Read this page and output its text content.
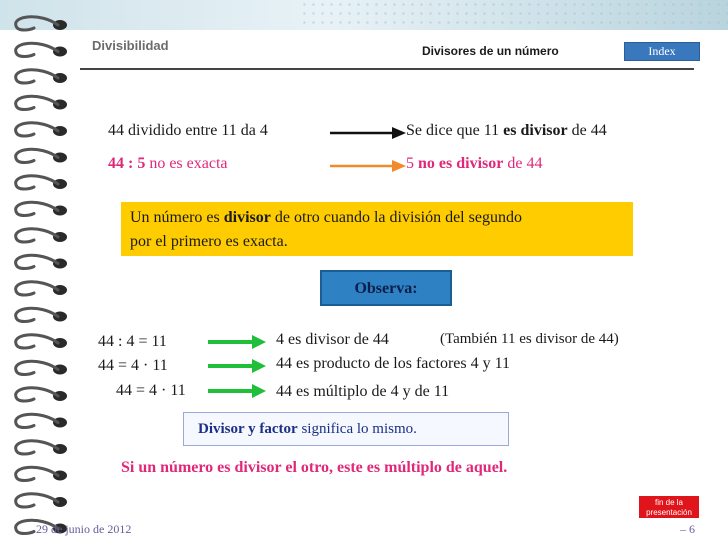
Divisibilidad	Divisores de un número	Index
44 dividido entre 11 da 4	Se dice que 11 es divisor de 44
44 : 5 no es exacta	5 no es divisor de 44
Un número es divisor de otro cuando la división del segundo
por el primero es exacta.
Observa:
44 : 4 = 11	4 es divisor de 44	(También 11 es divisor de 44)
44 = 4 · 11	44 es producto de los factores 4 y 11
44 = 4 · 11	44 es múltiplo de 4 y de 11
Divisor y factor significa lo mismo.
Si un número es divisor el otro, este es múltiplo de aquel.
fin de la
presentación
29 de junio de 2012	– 6
